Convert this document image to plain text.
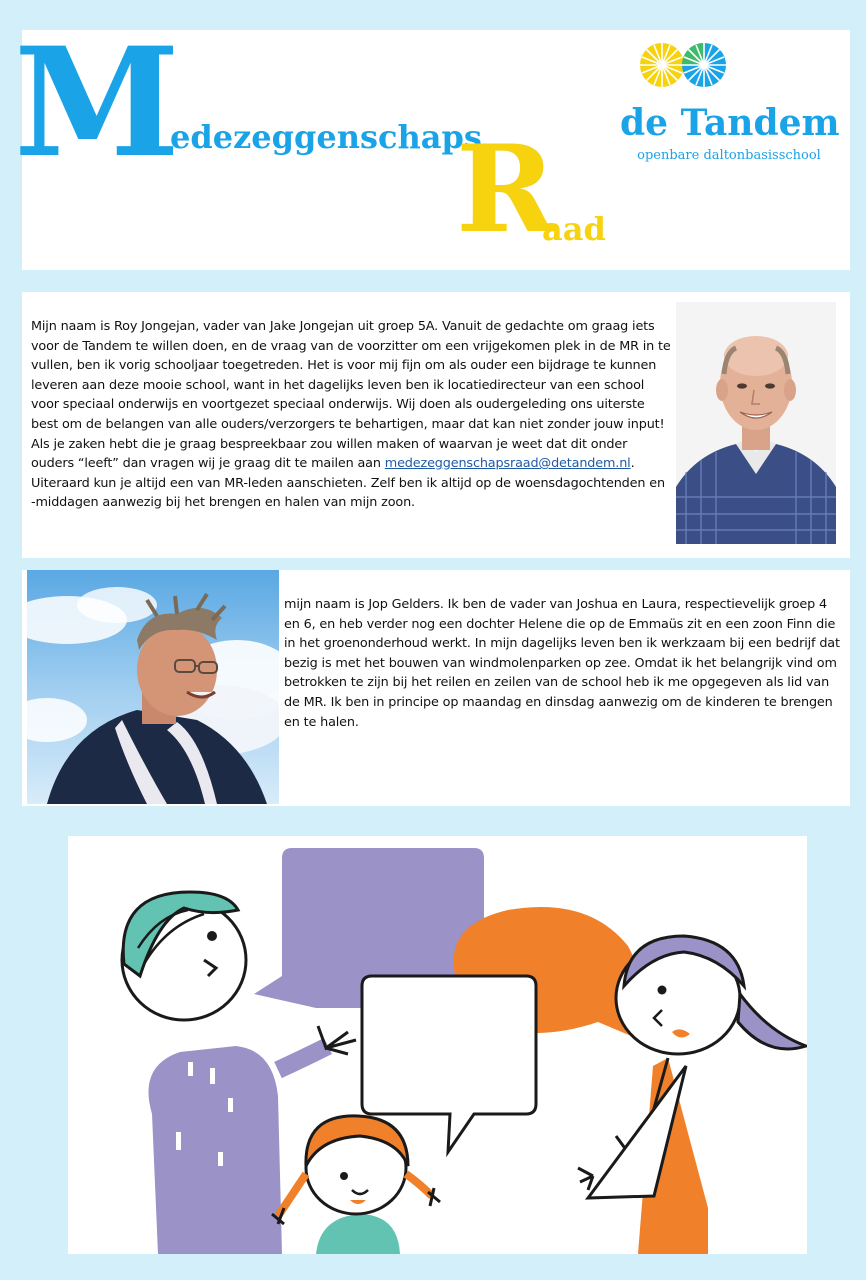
M
edezeggenschaps
R
aad
de Tandem
openbare daltonbasisschool

Mijn naam is Roy Jongejan, vader van Jake Jongejan uit groep 5A. Vanuit de gedachte om graag iets voor de Tandem te willen doen, en de vraag van de voorzitter om een vrijgekomen plek in de MR in te vullen, ben ik vorig schooljaar toegetreden. Het is voor mij fijn om als ouder een bijdrage te kunnen leveren aan deze mooie school, want in het dagelijks leven ben ik locatiedirecteur van een school voor speciaal onderwijs en voortgezet speciaal onderwijs. Wij doen als oudergeleding ons uiterste best om de belangen van alle ouders/verzorgers te behartigen, maar dat kan niet zonder jouw input! Als je zaken hebt die je graag bespreekbaar zou willen maken of waarvan je weet dat dit onder ouders “leeft” dan vragen wij je graag dit te mailen aan medezeggenschapsraad@detandem.nl. Uiteraard kun je altijd een van MR-leden aanschieten. Zelf ben ik altijd op de woensdagochtenden en -middagen aanwezig bij het brengen en halen van mijn zoon.

mijn naam is Jop Gelders. Ik ben de vader van Joshua en Laura, respectievelijk groep 4 en 6, en heb verder nog een dochter Helene die op de Emmaüs zit en een zoon Finn die in het groenonderhoud werkt. In mijn dagelijks leven ben ik werkzaam bij een bedrijf dat bezig is met het bouwen van windmolenparken op zee. Omdat ik het belangrijk vind om betrokken te zijn bij het reilen en zeilen van de school heb ik me opgegeven als lid van de MR. Ik ben in principe op maandag en dinsdag aanwezig om de kinderen te brengen en te halen.
